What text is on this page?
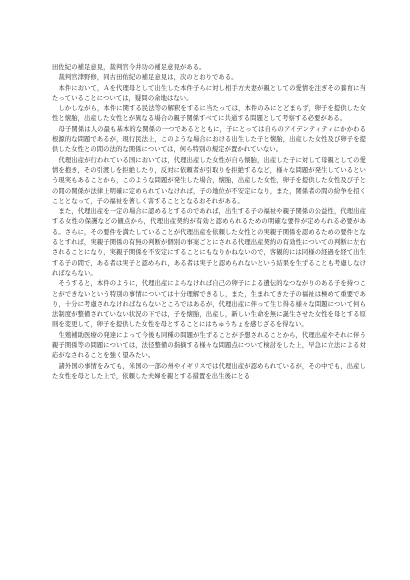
田佐紀の補足意見，裁判官今井功の補足意見がある。

裁判官津野修，同古田佑紀の補足意見は，次のとおりである。

本件において，Ａを代理母として出生した本件子らに対し相手方夫妻が親としての愛情を注ぎその養育に当たっていることについては，疑問の余地はない。

しかしながら，本件に関する民法等の解釈をするに当たっては，本件のみにとどまらず，卵子を提供した女性と懐胎，出産した女性とが異なる場合の親子関係すべてに共通する問題として考察する必要がある。

母子関係は人の最も基本的な関係の一つであるとともに，子にとっては自らのアイデンティティにかかわる根源的な問題であるが，現行民法上，このような場合における出生した子と懐胎，出産した女性及び卵子を提供した女性との間の法的な関係については，何ら特別の規定が置かれていない。

代理出産が行われている国においては，代理出産した女性が自ら懐胎，出産した子に対して母親としての愛情を抱き，その引渡しを拒絶したり，反対に依頼者が引取りを拒絶するなど，様々な問題が発生しているという現実もあることから，このような問題が発生した場合，懐胎，出産した女性，卵子を提供した女性及び子との間の関係が法律上明確に定められていなければ，子の地位が不安定になり，また，関係者の間の紛争を招くこととなって，子の福祉を著しく害することとなるおそれがある。

また，代理出産を一定の場合に認めるとするのであれば，出生する子の福祉や親子関係の公益性，代理出産する女性の保護などの観点から，代理出産契約が有効と認められるための明確な要件が定められる必要がある。さらに，その要件を満たしていることが代理出産を依頼した女性との実親子関係を認めるための要件となるとすれば，実親子関係の有無の判断が個別の事案ごとにされる代理出産契約の有効性についての判断に左右されることになり，実親子関係を不安定にすることにもなりかねないので，客観的には同様の経過を経て出生する子の間で，ある者は実子と認められ，ある者は実子と認められないという結果を生ずることも考慮しなければならない。

そうすると，本件のように，代理出産によらなければ自己の卵子による遺伝的なつながりのある子を持つことができないという特別の事情については十分理解できるし，また，生まれてきた子の福祉は極めて重要であり，十分に考慮されなければならないところではあるが，代理出産に伴って生じ得る様々な問題について何ら法制度が整備されていない状況の下では，子を懐胎，出産し，新しい生命を無に誕生させた女性を母とする原則を変更して，卵子を提供した女性を母とすることにはちゅうちょを感じざるを得ない。

生殖補助医療の発達によって今後も同種の問題が生ずることが予想されることから，代理出産やそれに伴う親子関係等の問題については，法径整備の指摘する様々な問題点について検討をした上，早急に立法による対応がなされることを強く望みたい。

諸外国の事情をみても，米国の一部の州やイギリスでは代理出産が認められているが，その中でも，出産した女性を母とした上で，依頼した夫婦を親とする措置を出生後にとる
